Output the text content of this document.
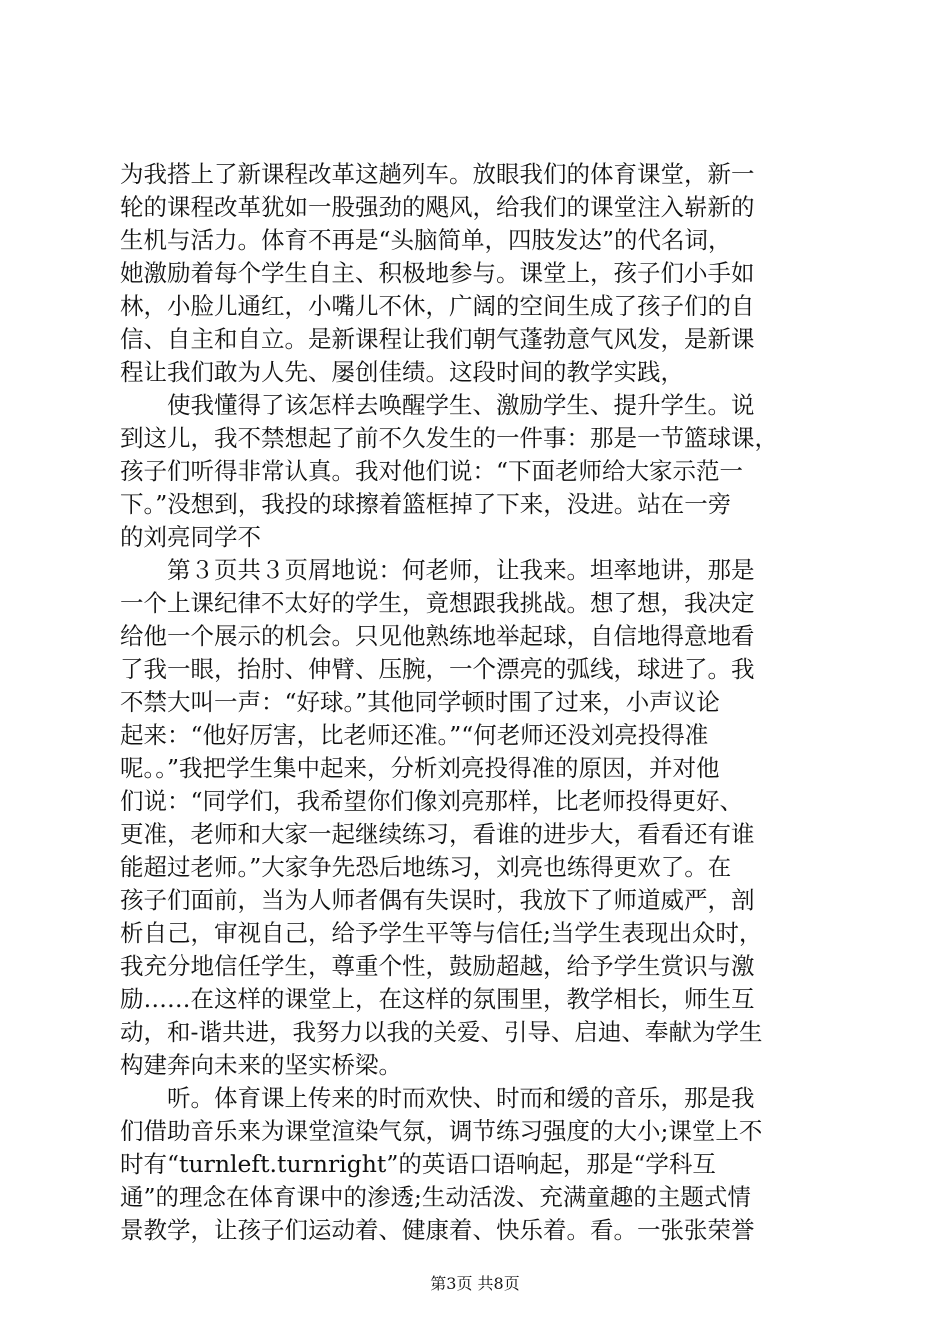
为我搭上了新课程改革这趟列车。放眼我们的体育课堂，新一
轮的课程改革犹如一股强劲的飓风，给我们的课堂注入崭新的
生机与活力。体育不再是“头脑简单，四肢发达”的代名词，
她激励着每个学生自主、积极地参与。课堂上，孩子们小手如
林，小脸儿通红，小嘴儿不休，广阔的空间生成了孩子们的自
信、自主和自立。是新课程让我们朝气蓬勃意气风发，是新课
程让我们敢为人先、屡创佳绩。这段时间的教学实践，
　　使我懂得了该怎样去唤醒学生、激励学生、提升学生。说
到这儿，我不禁想起了前不久发生的一件事：那是一节篮球课，
孩子们听得非常认真。我对他们说：“下面老师给大家示范一
下。”没想到，我投的球擦着篮框掉了下来，没进。站在一旁
的刘亮同学不
　　第３页共３页屑地说：何老师，让我来。坦率地讲，那是
一个上课纪律不太好的学生，竟想跟我挑战。想了想，我决定
给他一个展示的机会。只见他熟练地举起球，自信地得意地看
了我一眼，抬肘、伸臂、压腕，一个漂亮的弧线，球进了。我
不禁大叫一声：“好球。”其他同学顿时围了过来，小声议论
起来：“他好厉害，比老师还准。”“何老师还没刘亮投得准
呢。。”我把学生集中起来，分析刘亮投得准的原因，并对他
们说：“同学们，我希望你们像刘亮那样，比老师投得更好、
更准，老师和大家一起继续练习，看谁的进步大，看看还有谁
能超过老师。”大家争先恐后地练习，刘亮也练得更欢了。在
孩子们面前，当为人师者偶有失误时，我放下了师道威严，剖
析自己，审视自己，给予学生平等与信任;当学生表现出众时，
我充分地信任学生，尊重个性，鼓励超越，给予学生赏识与激
励……在这样的课堂上，在这样的氛围里，教学相长，师生互
动，和-谐共进，我努力以我的关爱、引导、启迪、奉献为学生
构建奔向未来的坚实桥梁。
　　听。体育课上传来的时而欢快、时而和缓的音乐，那是我
们借助音乐来为课堂渲染气氛，调节练习强度的大小;课堂上不
时有“turnleft.turnright”的英语口语响起，那是“学科互
通”的理念在体育课中的渗透;生动活泼、充满童趣的主题式情
景教学，让孩子们运动着、健康着、快乐着。看。一张张荣誉
第3页 共8页
